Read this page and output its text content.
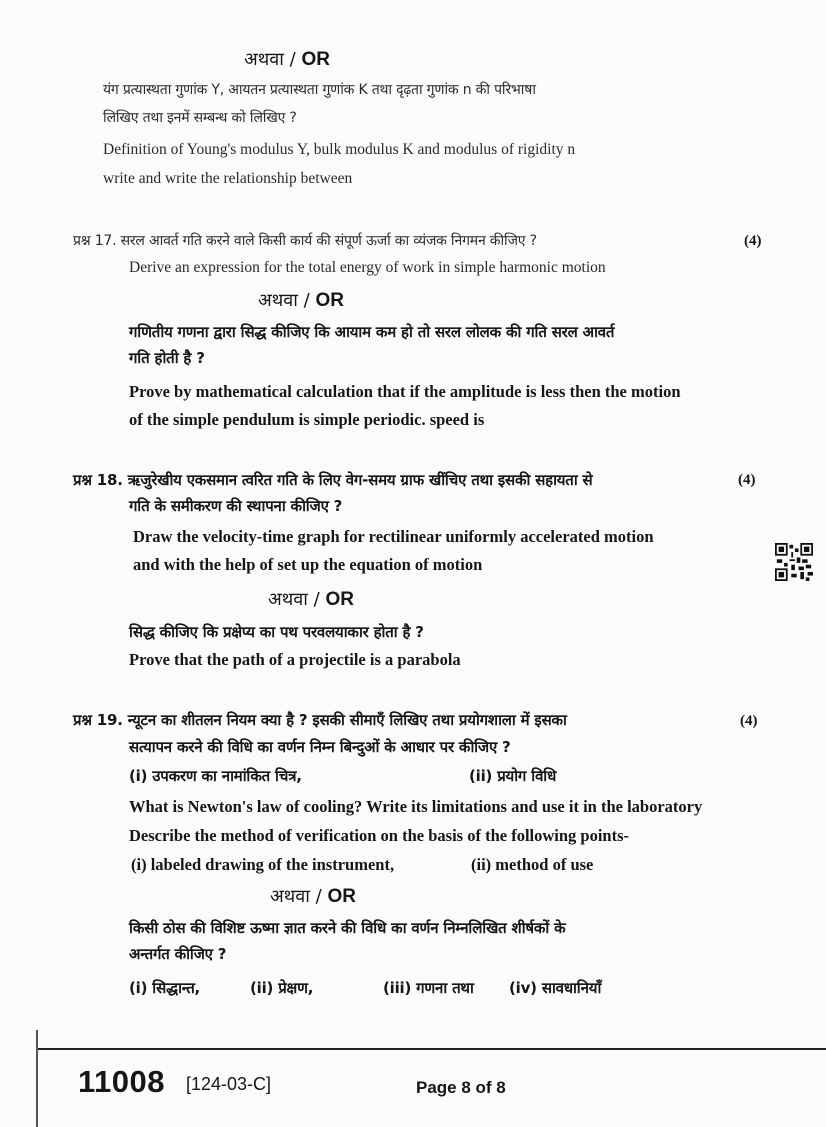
अथवा / OR
यंग प्रत्यास्थता गुणांक Y, आयतन प्रत्यास्थता गुणांक K तथा दृढ़ता गुणांक n की परिभाषा
लिखिए तथा इनमें सम्बन्ध को लिखिए ?
Definition of Young's modulus Y, bulk modulus K and modulus of rigidity n
write and write the relationship between
प्रश्न 17. सरल आवर्त गति करने वाले किसी कार्य की संपूर्ण ऊर्जा का व्यंजक निगमन कीजिए ?	(4)
Derive an expression for the total energy of work in simple harmonic motion
अथवा / OR
गणितीय गणना द्वारा सिद्ध कीजिए कि आयाम कम हो तो सरल लोलक की गति सरल आवर्त
गति होती है ?
Prove by mathematical calculation that if the amplitude is less then the motion
of the simple pendulum is simple periodic. speed is
प्रश्न 18. ऋजुरेखीय एकसमान त्वरित गति के लिए वेग-समय ग्राफ खींचिए तथा इसकी सहायता से
गति के समीकरण की स्थापना कीजिए ?
(4)
Draw the velocity-time graph for rectilinear uniformly accelerated motion
and with the help of set up the equation of motion
अथवा / OR
सिद्ध कीजिए कि प्रक्षेप्य का पथ परवलयाकार होता है ?
Prove that the path of a projectile is a parabola
प्रश्न 19. न्यूटन का शीतलन नियम क्या है ? इसकी सीमाएँ लिखिए तथा प्रयोगशाला में इसका
सत्यापन करने की विधि का वर्णन निम्न बिन्दुओं के आधार पर कीजिए ?
(4)
(i) उपकरण का नामांकित चित्र,	(ii) प्रयोग विधि
What is Newton's law of cooling? Write its limitations and use it in the laboratory
Describe the method of verification on the basis of the following points-
(i) labeled drawing of the instrument,	(ii) method of use
अथवा / OR
किसी ठोस की विशिष्ट ऊष्मा ज्ञात करने की विधि का वर्णन निम्नलिखित शीर्षकों के
अन्तर्गत कीजिए ?
(i) सिद्धान्त,	(ii) प्रेक्षण,	(iii) गणना तथा (iv) सावधानियाँ
11008 [124-03-C]	Page 8 of 8
